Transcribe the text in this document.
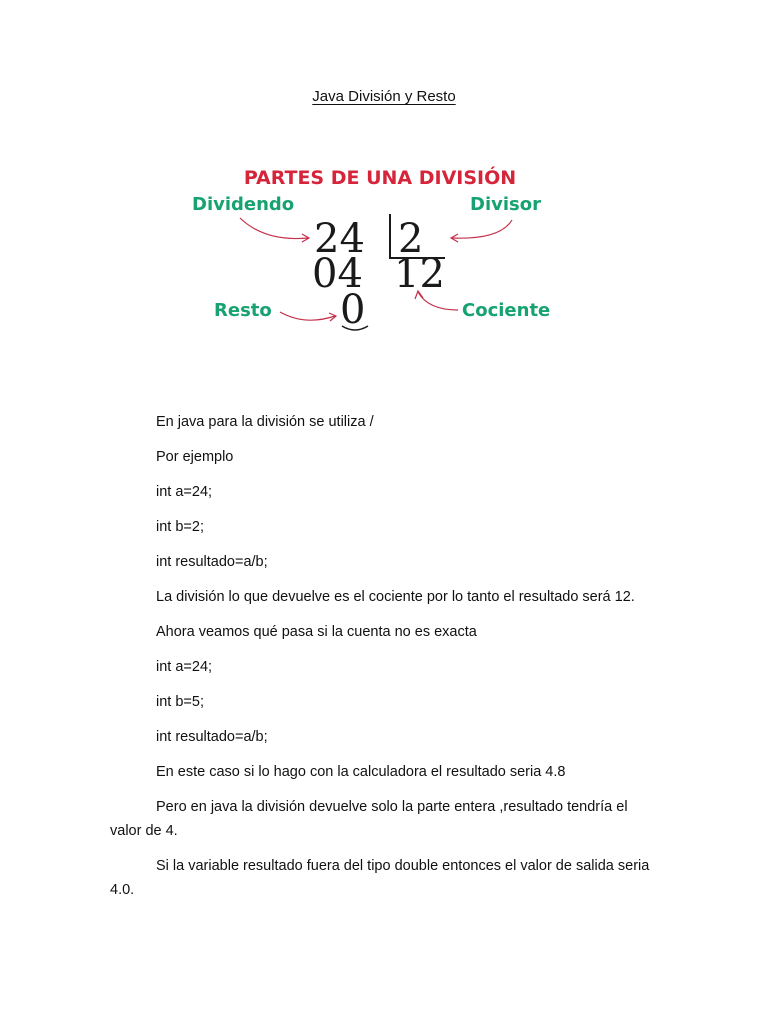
Java División y Resto
PARTES DE UNA DIVISIÓN
Dividendo	Divisor
Resto	Cociente
24 2
04 12
0

En java para la división se utiliza /

Por ejemplo

int a=24;

int b=2;

int resultado=a/b;

La división lo que devuelve es el cociente por lo tanto el resultado será 12.

Ahora veamos qué pasa si la cuenta no es exacta

int a=24;

int b=5;

int resultado=a/b;

En este caso si lo hago con la calculadora el resultado seria 4.8

Pero en java la división devuelve solo la parte entera ,resultado tendría el valor de 4.

Si la variable resultado fuera del tipo double entonces el valor de salida seria 4.0.
